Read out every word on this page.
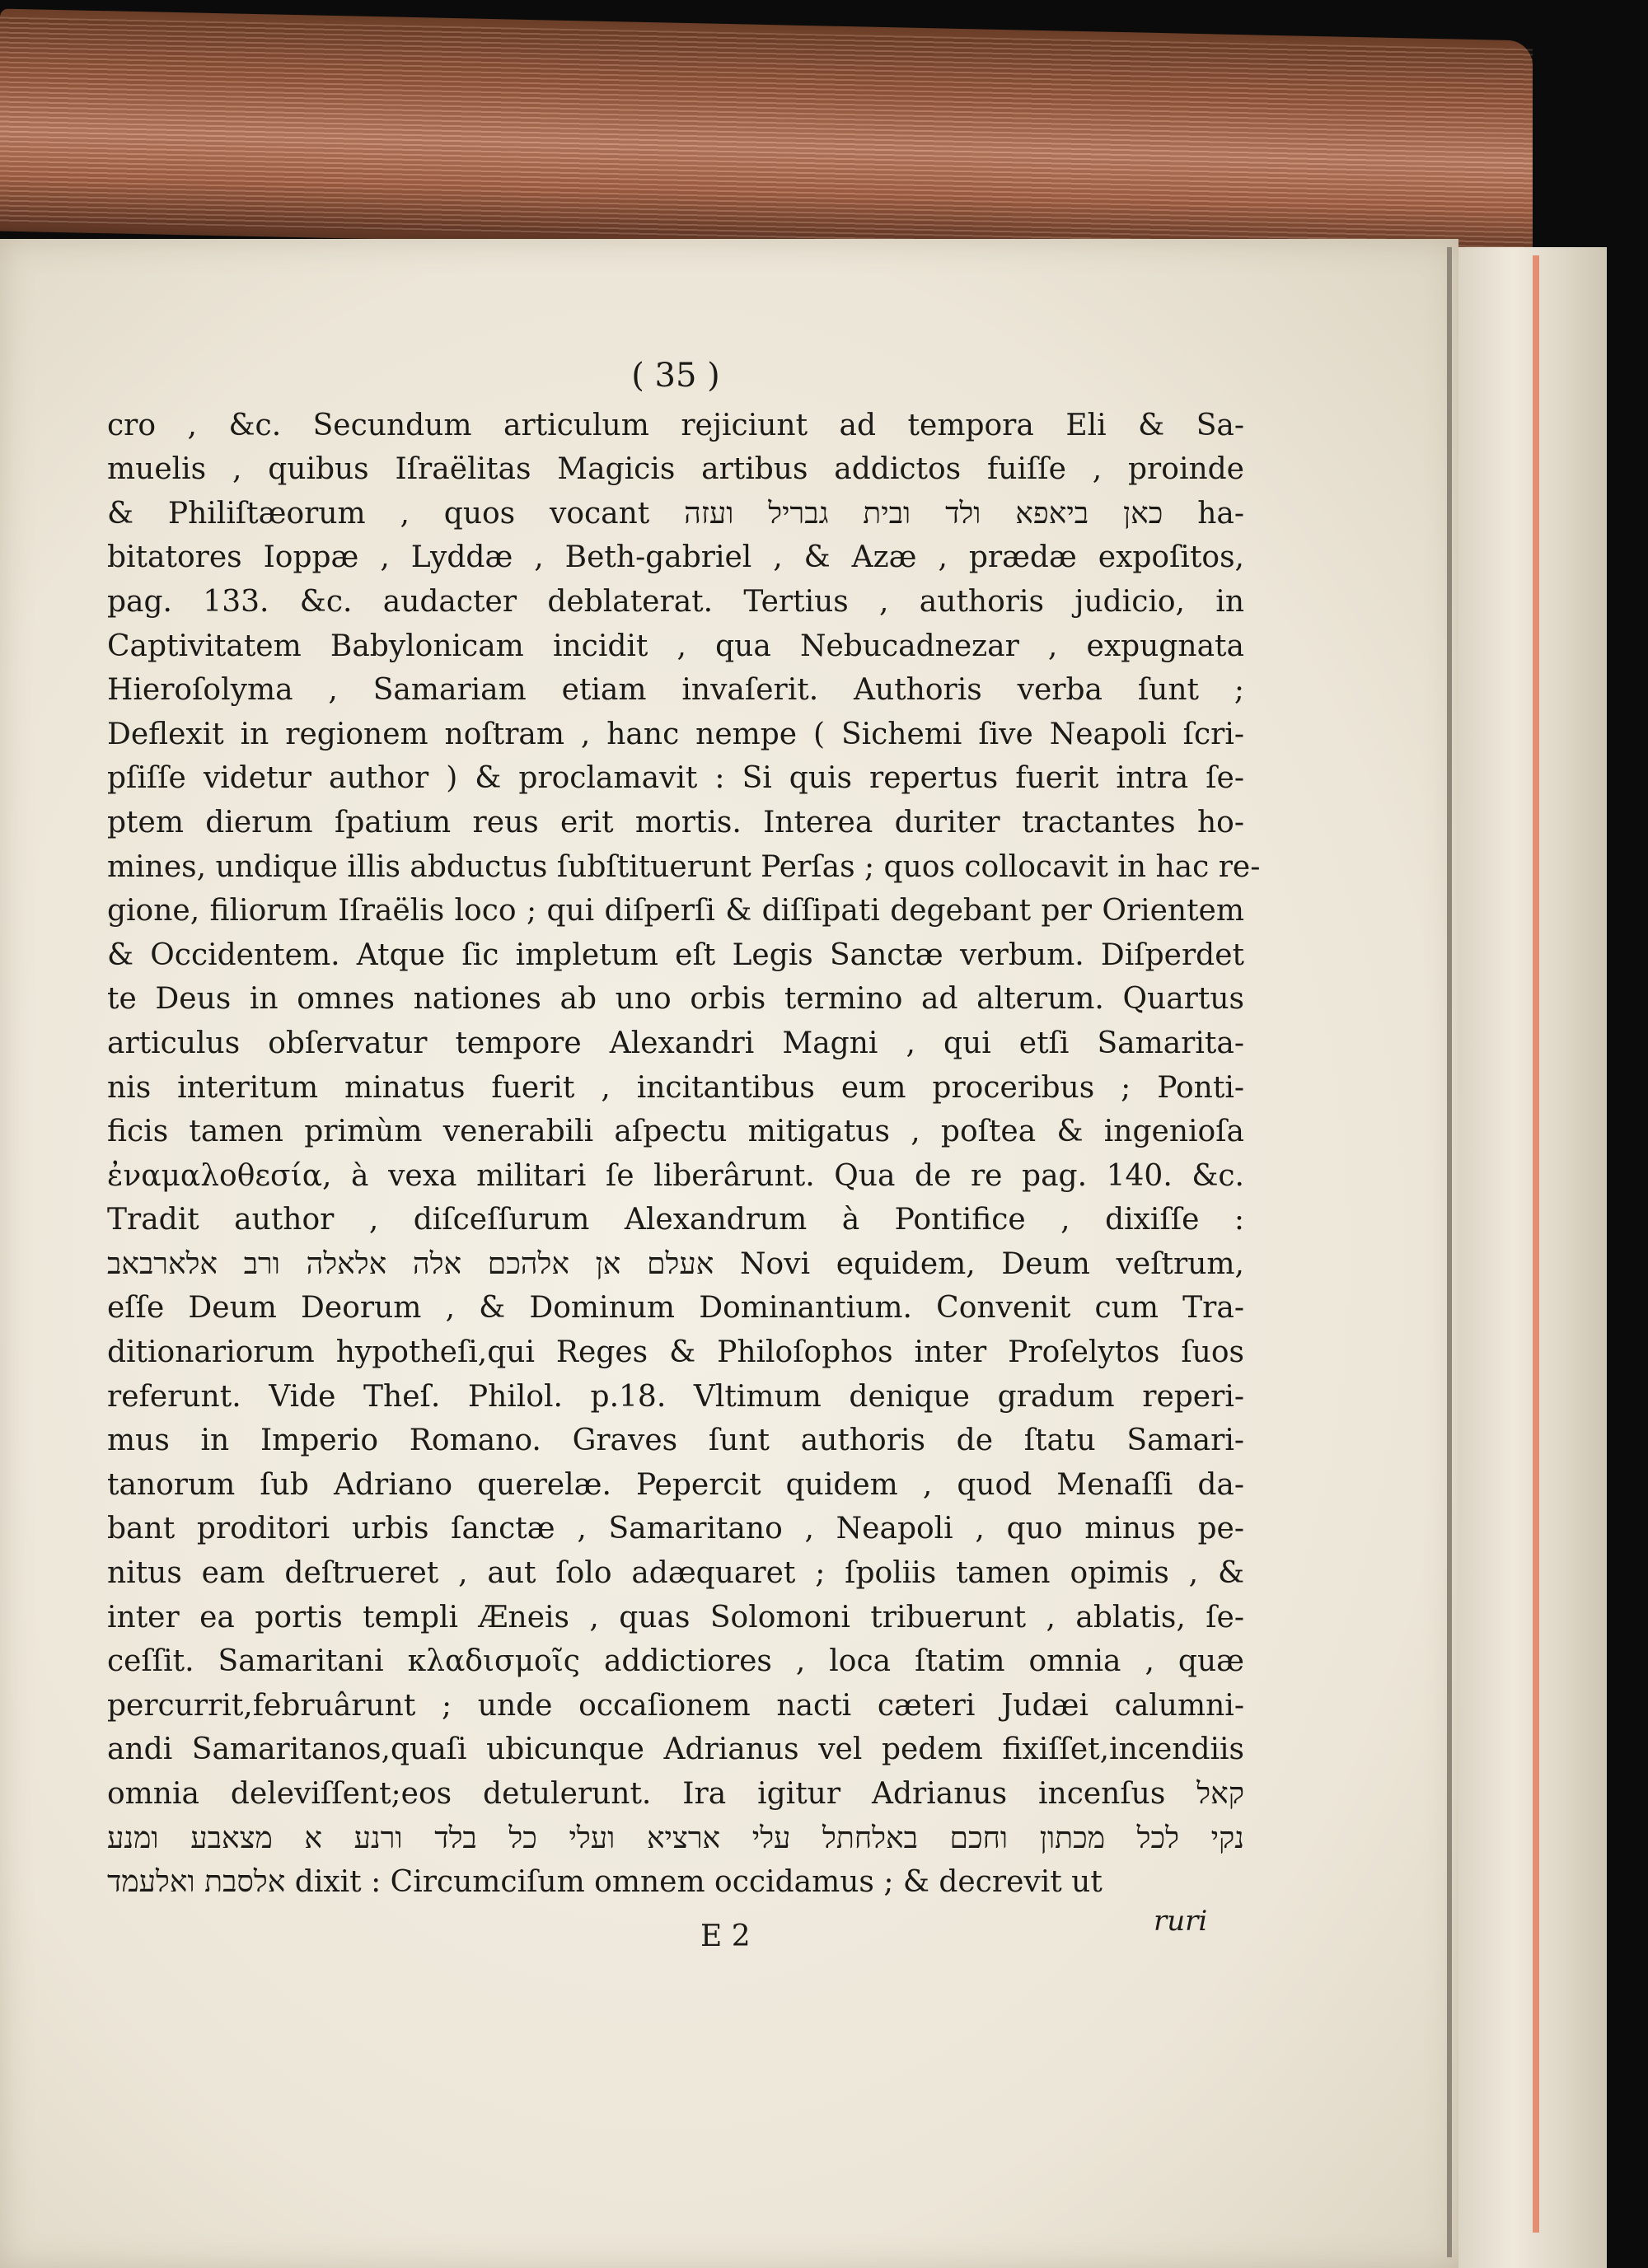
( 35 )
cro , &c. Secundum articulum rejiciunt ad tempora Eli & Sa-
muelis , quibus Iſraëlitas Magicis artibus addictos fuiſſe , proinde
& Philiſtæorum , quos vocant כאן ביאפא ולד ובית גבריל ועזה ha-
bitatores Ioppæ , Lyddæ , Beth-gabriel , & Azæ , prædæ expoſitos,
pag. 133. &c. audacter deblaterat. Tertius , authoris judicio, in
Captivitatem Babylonicam incidit , qua Nebucadnezar , expugnata
Hieroſolyma , Samariam etiam invaſerit. Authoris verba ſunt ;
Deflexit in regionem noſtram , hanc nempe ( Sichemi ſive Neapoli ſcri-
pſiſſe videtur author ) & proclamavit : Si quis repertus fuerit intra ſe-
ptem dierum ſpatium reus erit mortis. Interea duriter tractantes ho-
mines, undique illis abductus ſubſtituerunt Perſas ; quos collocavit in hac re-
gione, filiorum Iſraëlis loco ; qui diſperſi & diſſipati degebant per Orientem
& Occidentem. Atque ſic impletum eſt Legis Sanctæ verbum. Diſperdet
te Deus in omnes nationes ab uno orbis termino ad alterum. Quartus
articulus obſervatur tempore Alexandri Magni , qui etſi Samarita-
nis interitum minatus fuerit , incitantibus eum proceribus ; Ponti-
ficis tamen primùm venerabili aſpectu mitigatus , poſtea & ingenioſa
ἐναμαλοθεσία, à vexa militari ſe liberârunt. Qua de re pag. 140. &c.
Tradit author , diſceſſurum Alexandrum à Pontifice , dixiſſe :
אעלם אן אלהכם אלה אלאלה ורב אלארבאב Novi equidem, Deum veſtrum,
eſſe Deum Deorum , & Dominum Dominantium. Convenit cum Tra-
ditionariorum hypotheſi,qui Reges & Philoſophos inter Proſelytos ſuos
referunt. Vide Theſ. Philol. p.18. Vltimum denique gradum reperi-
mus in Imperio Romano. Graves ſunt authoris de ſtatu Samari-
tanorum ſub Adriano querelæ. Pepercit quidem , quod Menaſſi da-
bant proditori urbis ſanctæ , Samaritano , Neapoli , quo minus pe-
nitus eam deſtrueret , aut ſolo adæquaret ; ſpoliis tamen opimis , &
inter ea portis templi Æneis , quas Solomoni tribuerunt , ablatis, ſe-
ceſſit. Samaritani κλαδισμοῖς addictiores , loca ſtatim omnia , quæ
percurrit,februârunt ; unde occaſionem nacti cæteri Judæi calumni-
andi Samaritanos,quaſi ubicunque Adrianus vel pedem fixiſſet,incendiis
omnia deleviſſent;eos detulerunt. Ira igitur Adrianus incenſus קאל
נקי לכל מכתון וחכם באלחתל עלי ארציא ועלי כל בלד ורנע א מצאבע ומנע
אלסבת ואלעמד dixit : Circumciſum omnem occidamus ; & decrevit ut
E 2	ruri
